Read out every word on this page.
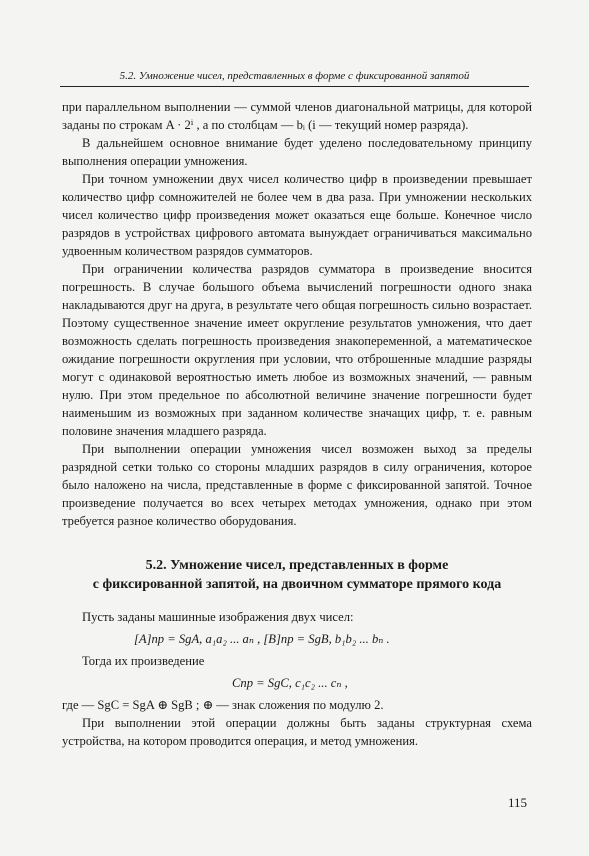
5.2. Умножение чисел, представленных в форме с фиксированной запятой

при параллельном выполнении — суммой членов диагональной матрицы, для которой заданы по строкам A · 2ⁱ , а по столбцам — bᵢ (i — текущий номер разряда).

В дальнейшем основное внимание будет уделено последовательному принципу выполнения операции умножения.

При точном умножении двух чисел количество цифр в произведении превышает количество цифр сомножителей не более чем в два раза. При умножении нескольких чисел количество цифр произведения может оказаться еще больше. Конечное число разрядов в устройствах цифрового автомата вынуждает ограничиваться максимально удвоенным количеством разрядов сумматоров.

При ограничении количества разрядов сумматора в произведение вносится погрешность. В случае большого объема вычислений погрешности одного знака накладываются друг на друга, в результате чего общая погрешность сильно возрастает. Поэтому существенное значение имеет округление результатов умножения, что дает возможность сделать погрешность произведения знакопеременной, а математическое ожидание погрешности округления при условии, что отброшенные младшие разряды могут с одинаковой вероятностью иметь любое из возможных значений, — равным нулю. При этом предельное по абсолютной величине значение погрешности будет наименьшим из возможных при заданном количестве значащих цифр, т. е. равным половине значения младшего разряда.

При выполнении операции умножения чисел возможен выход за пределы разрядной сетки только со стороны младших разрядов в силу ограничения, которое было наложено на числа, представленные в форме с фиксированной запятой. Точное произведение получается во всех четырех методах умножения, однако при этом требуется разное количество оборудования.

5.2. Умножение чисел, представленных в форме
с фиксированной запятой, на двоичном сумматоре прямого кода

Пусть заданы машинные изображения двух чисел:

[A]пр = SgA, a₁a₂ ... aₙ , [B]пр = SgB, b₁b₂ ... bₙ .

Тогда их произведение

Cпр = SgC, c₁c₂ ... cₙ ,

где — SgC = SgA ⊕ SgB ; ⊕ — знак сложения по модулю 2.

При выполнении этой операции должны быть заданы структурная схема устройства, на котором проводится операция, и метод умножения.

115
